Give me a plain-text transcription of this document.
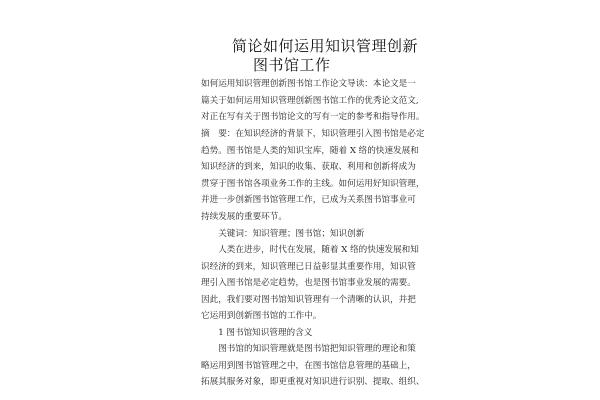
简论如何运用知识管理创新
图书馆工作
如何运用知识管理创新图书馆工作论文导读：本论文是一
篇关于如何运用知识管理创新图书馆工作的优秀论文范文,
对正在写有关于图书馆论文的写有一定的参考和指导作用。
摘　要：在知识经济的背景下，知识管理引入图书馆是必定
趋势。图书馆是人类的知识宝库，随着 X 络的快速发展和
知识经济的到来，知识的收集、获取、利用和创新将成为
贯穿于图书馆各项业务工作的主线。如何运用好知识管理，
并进一步创新图书馆管理工作，已成为关系图书馆事业可
持续发展的重要环节。
　　关键词：知识管理；图书馆；知识创新
　　人类在进步，时代在发展，随着 X 络的快速发展和知
识经济的到来，知识管理已日益彰显其重要作用，知识管
理引入图书馆是必定趋势，也是图书馆事业发展的需要。
因此，我们要对图书馆知识管理有一个清晰的认识，并把
它运用到创新图书馆的工作中。
　　1 图书馆知识管理的含义
　　图书馆的知识管理就是图书馆把知识管理的理论和策
略运用到图书馆管理之中，在图书馆信息管理的基础上，
拓展其服务对象，即更重视对知识进行识别、提取、组织、
